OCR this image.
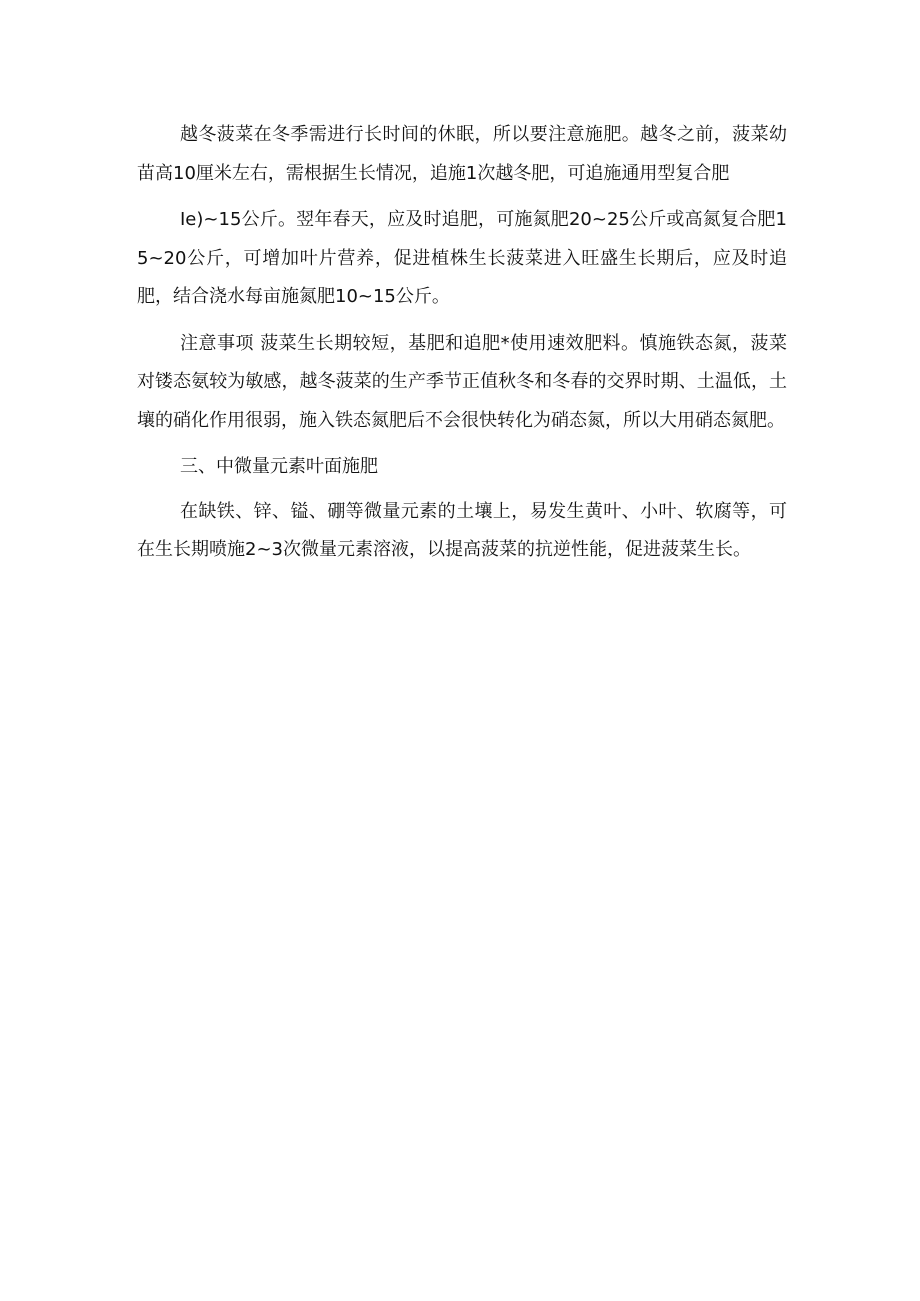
越冬菠菜在冬季需进行长时间的休眠，所以要注意施肥。越冬之前，菠菜幼苗高10厘米左右，需根据生长情况，追施1次越冬肥，可追施通用型复合肥

Ie)~15公斤。翌年春天，应及时追肥，可施氮肥20~25公斤或高氮复合肥15~20公斤，可增加叶片营养，促进植株生长菠菜进入旺盛生长期后，应及时追肥，结合浇水每亩施氮肥10~15公斤。

注意事项 菠菜生长期较短，基肥和追肥*使用速效肥料。慎施铁态氮，菠菜对镂态氨较为敏感，越冬菠菜的生产季节正值秋冬和冬春的交界时期、土温低，土壤的硝化作用很弱，施入铁态氮肥后不会很快转化为硝态氮，所以大用硝态氮肥。

三、中微量元素叶面施肥

在缺铁、锌、镒、硼等微量元素的土壤上，易发生黄叶、小叶、软腐等，可在生长期喷施2~3次微量元素溶液，以提高菠菜的抗逆性能，促进菠菜生长。
